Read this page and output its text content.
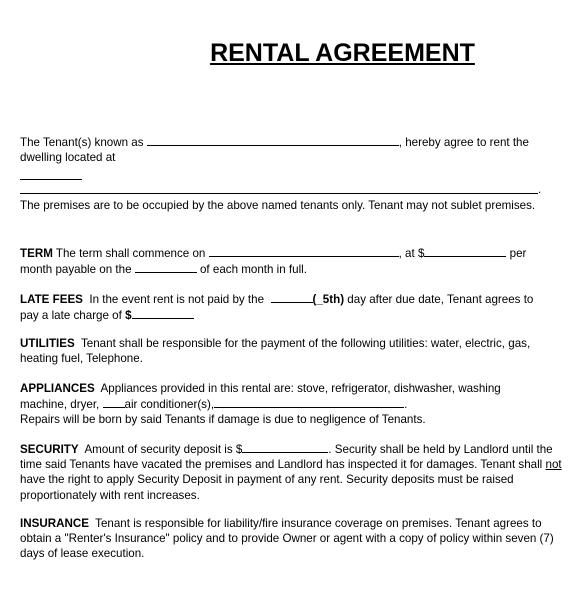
RENTAL AGREEMENT
The Tenant(s) known as	, hereby agree to rent the
dwelling located at
.
The premises are to be occupied by the above named tenants only. Tenant may not sublet premises.
TERM The term shall commence on	, at $	per
month payable on the	of each month in full.
LATE FEES In the event rent is not paid by the	(_5th) day after due date, Tenant agrees to
pay a late charge of $
UTILITIES Tenant shall be responsible for the payment of the following utilities: water, electric, gas, heating fuel, Telephone.
APPLIANCES Appliances provided in this rental are: stove, refrigerator, dishwasher, washing
machine, dryer, air conditioner(s),	.
Repairs will be born by said Tenants if damage is due to negligence of Tenants.
SECURITY Amount of security deposit is $	. Security shall be held by Landlord until the time said Tenants have vacated the premises and Landlord has inspected it for damages. Tenant shall not have the right to apply Security Deposit in payment of any rent. Security deposits must be raised proportionately with rent increases.
INSURANCE Tenant is responsible for liability/fire insurance coverage on premises. Tenant agrees to obtain a "Renter's Insurance" policy and to provide Owner or agent with a copy of policy within seven (7) days of lease execution.
